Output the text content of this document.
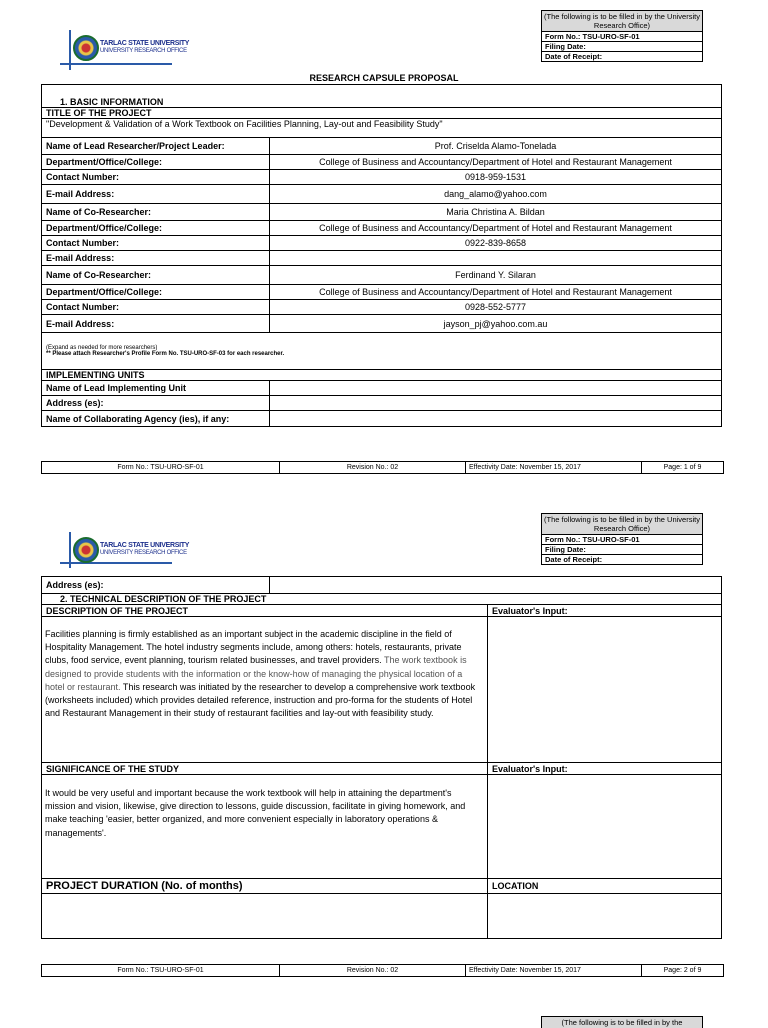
(The following is to be filled in by the University Research Office)
Form No.: TSU-URO-SF-01
Filing Date:
Date of Receipt:
TARLAC STATE UNIVERSITY
UNIVERSITY RESEARCH OFFICE
RESEARCH CAPSULE PROPOSAL
1. BASIC INFORMATION	
TITLE OF THE PROJECT	
"Development & Validation of a Work Textbook on Facilities Planning, Lay-out and Feasibility Study"	
Name of Lead Researcher/Project Leader:	Prof. Criselda Alamo-Tonelada
Department/Office/College:	College of Business and Accountancy/Department of Hotel and Restaurant Management
Contact Number:	0918-959-1531
E-mail Address:	dang_alamo@yahoo.com
Name of Co-Researcher:	Maria Christina A. Bildan
Department/Office/College:	College of Business and Accountancy/Department of Hotel and Restaurant Management
Contact Number:	0922-839-8658
E-mail Address:	
Name of Co-Researcher:	Ferdinand Y. Silaran
Department/Office/College:	College of Business and Accountancy/Department of Hotel and Restaurant Management
Contact Number:	0928-552-5777
E-mail Address:	jayson_pj@yahoo.com.au

(Expand as needed for more researchers)
** Please attach Researcher's Profile Form No. TSU-URO-SF-03 for each researcher.	

IMPLEMENTING UNITS	
Name of Lead Implementing Unit	
Address (es):	
Name of Collaborating Agency (ies), if any:	
Form No.: TSU-URO-SF-01	Revision No.: 02	Effectivity Date: November 15, 2017	Page: 1 of 9
(The following is to be filled in by the University Research Office)
Form No.: TSU-URO-SF-01
Filing Date:
Date of Receipt:
TARLAC STATE UNIVERSITY
UNIVERSITY RESEARCH OFFICE
Address (es):		
2. TECHNICAL DESCRIPTION OF THE PROJECT		
DESCRIPTION OF THE PROJECT		Evaluator's Input:

Facilities planning is firmly established as an important subject in the academic discipline in the field of Hospitality Management. The hotel industry segments include, among others: hotels, restaurants, private clubs, food service, event planning, tourism related businesses, and travel providers. The work textbook is designed to provide students with the information or the know-how of managing the physical location of a hotel or restaurant. This research was initiated by the researcher to develop a comprehensive work textbook (worksheets included) which provides detailed reference, instruction and pro-forma for the students of Hotel and Restaurant Management in their study of restaurant facilities and lay-out with feasibility study.		

SIGNIFICANCE OF THE STUDY		Evaluator's Input:

It would be very useful and important because the work textbook will help in attaining the department's mission and vision, likewise, give direction to lessons, guide discussion, facilitate in giving homework, and make teaching 'easier, better organized, and more convenient especially in laboratory operations & managements'.		

PROJECT DURATION (No. of months)		LOCATION

Form No.: TSU-URO-SF-01	Revision No.: 02	Effectivity Date: November 15, 2017	Page: 2 of 9
(The following is to be filled in by the
